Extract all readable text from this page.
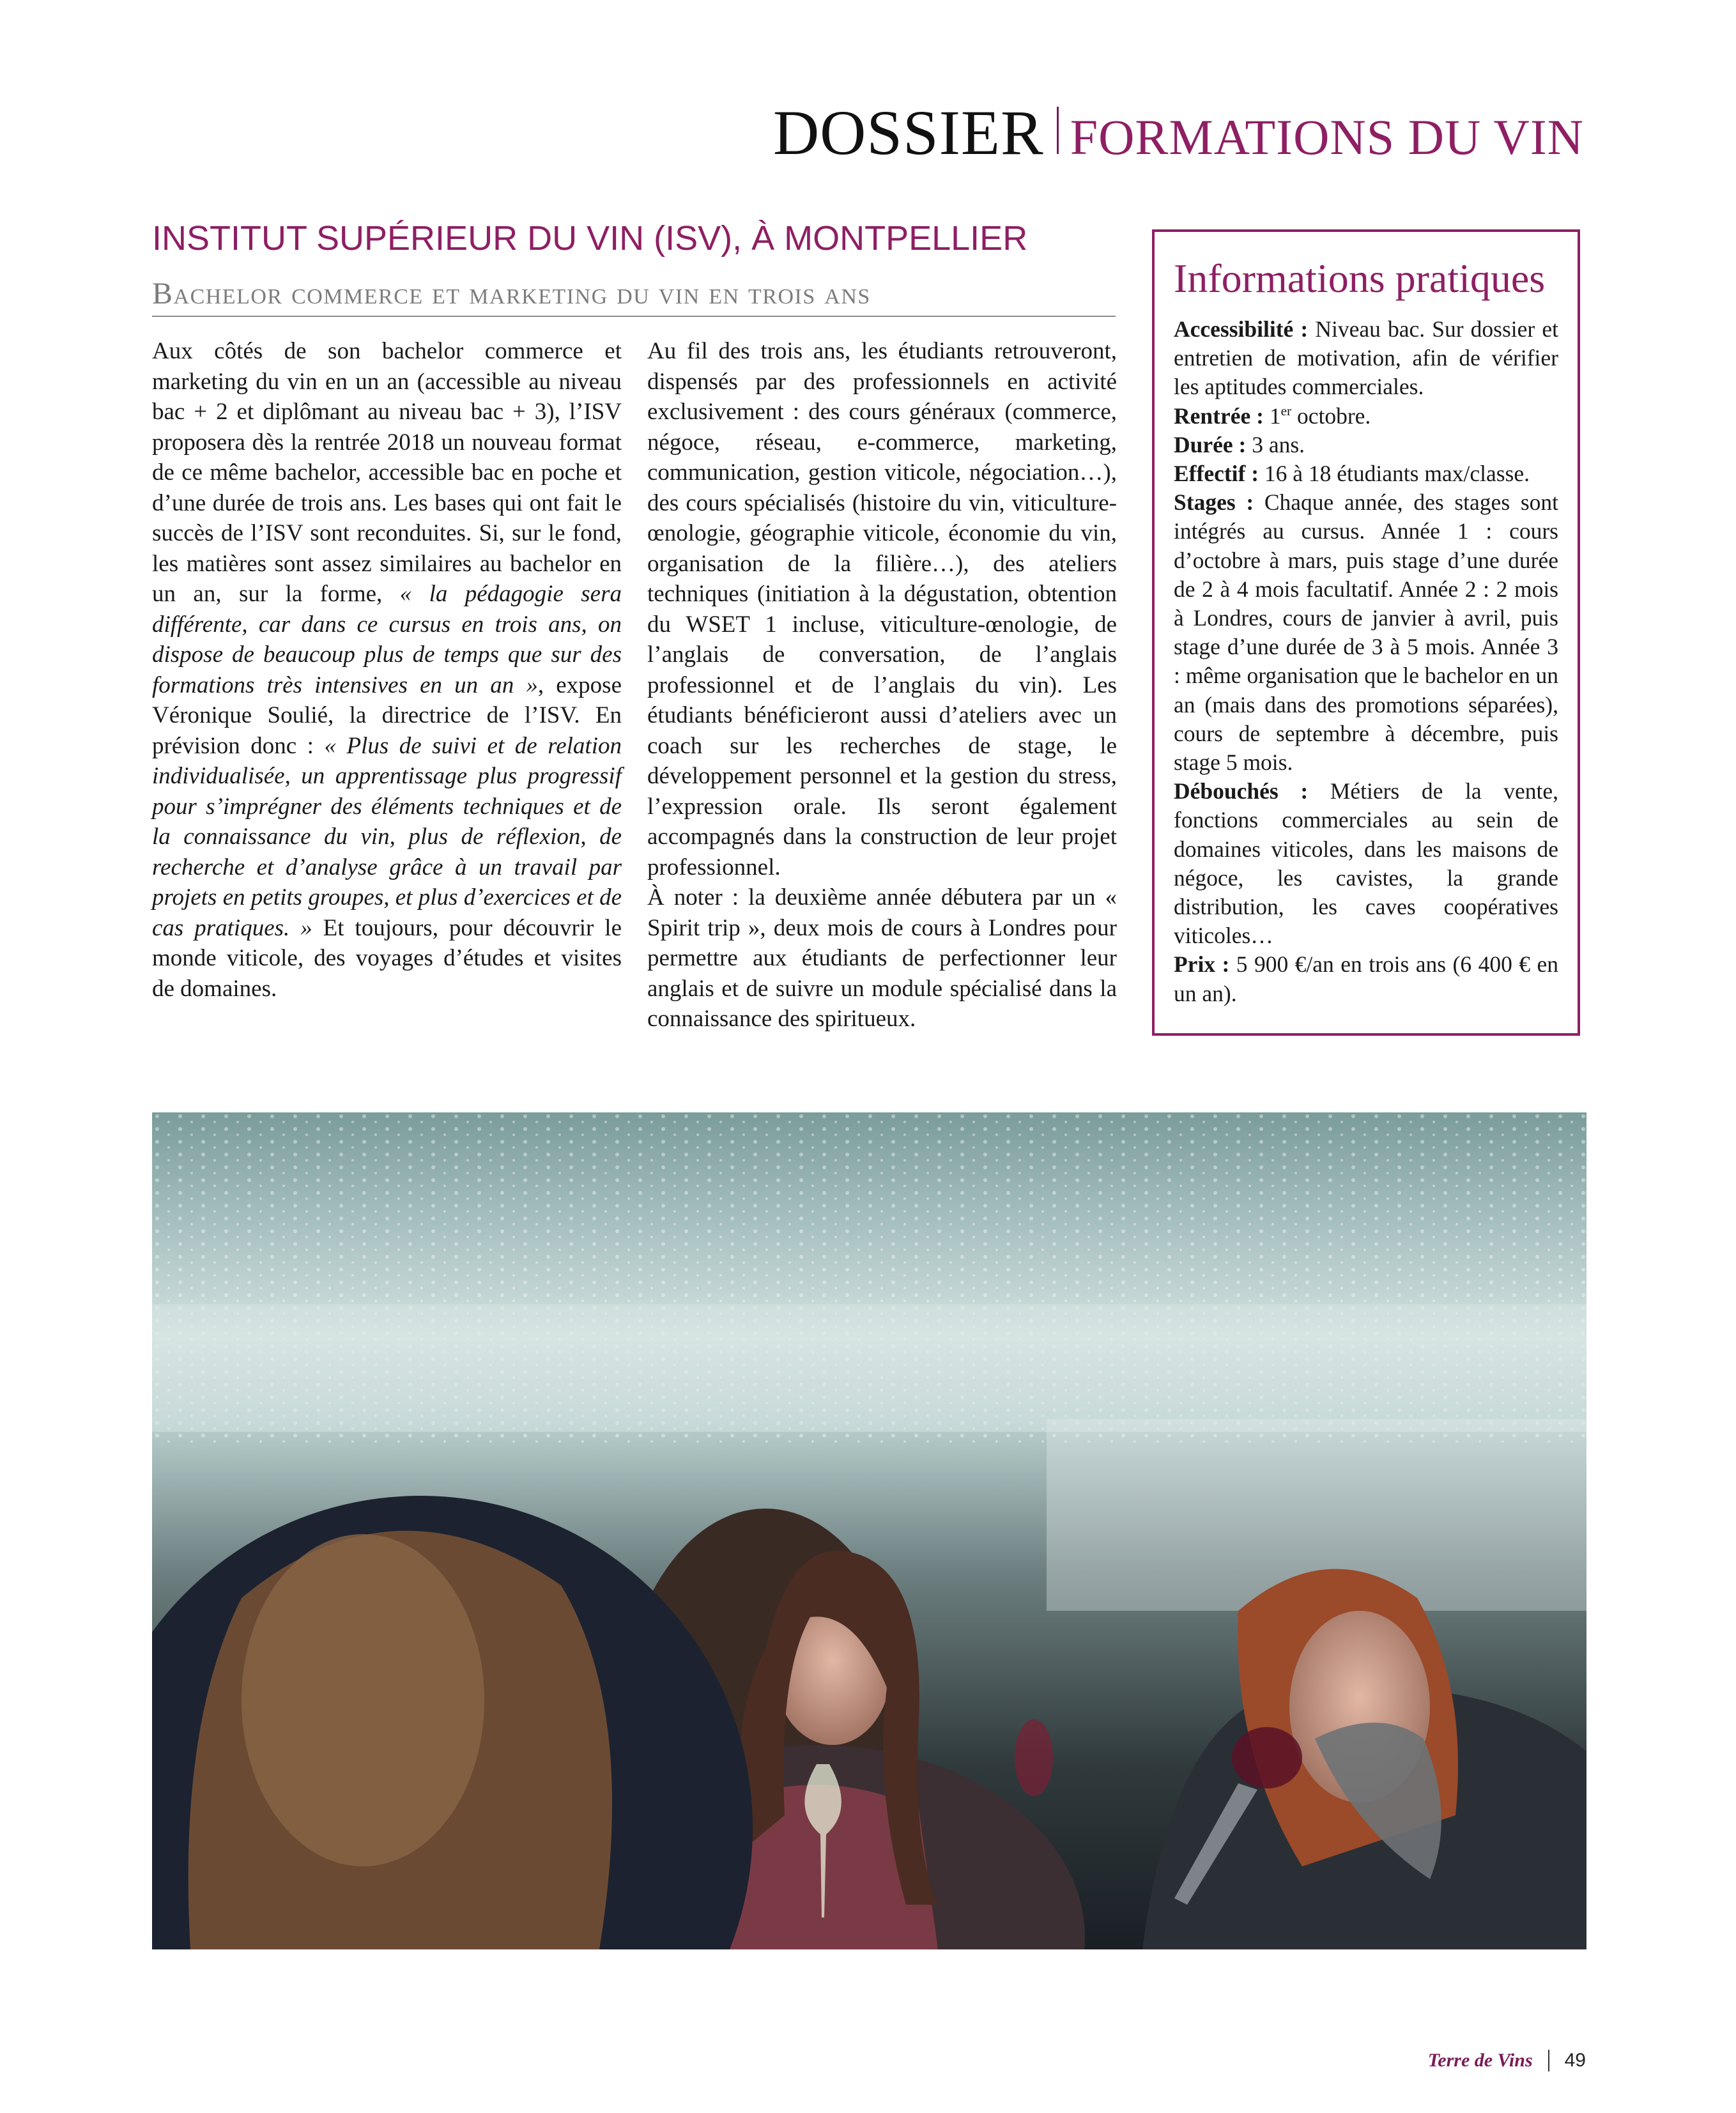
DOSSIER FORMATIONS DU VIN
INSTITUT SUPÉRIEUR DU VIN (ISV), À MONTPELLIER
Bachelor commerce et marketing du vin en trois ans

Aux côtés de son bachelor commerce et marketing du vin en un an (accessible au niveau bac + 2 et diplômant au niveau bac + 3), l’ISV proposera dès la rentrée 2018 un nouveau format de ce même bachelor, accessible bac en poche et d’une durée de trois ans. Les bases qui ont fait le succès de l’ISV sont reconduites. Si, sur le fond, les matières sont assez similaires au bachelor en un an, sur la forme, « la pédagogie sera différente, car dans ce cursus en trois ans, on dispose de beaucoup plus de temps que sur des formations très intensives en un an », expose Véronique Soulié, la directrice de l’ISV. En prévision donc : « Plus de suivi et de relation individualisée, un apprentissage plus progressif pour s’imprégner des éléments techniques et de la connaissance du vin, plus de réflexion, de recherche et d’analyse grâce à un travail par projets en petits groupes, et plus d’exercices et de cas pratiques. » Et toujours, pour découvrir le monde viticole, des voyages d’études et visites de domaines.

Au fil des trois ans, les étudiants retrouveront, dispensés par des professionnels en activité exclusivement : des cours généraux (commerce, négoce, réseau, e-commerce, marketing, communication, gestion viticole, négociation…), des cours spécialisés (histoire du vin, viticulture-œnologie, géographie viticole, économie du vin, organisation de la filière…), des ateliers techniques (initiation à la dégustation, obtention du WSET 1 incluse, viticulture-œnologie, de l’anglais de conversation, de l’anglais professionnel et de l’anglais du vin). Les étudiants bénéficieront aussi d’ateliers avec un coach sur les recherches de stage, le développement personnel et la gestion du stress, l’expression orale. Ils seront également accompagnés dans la construction de leur projet professionnel.

À noter : la deuxième année débutera par un « Spirit trip », deux mois de cours à Londres pour permettre aux étudiants de perfectionner leur anglais et de suivre un module spécialisé dans la connaissance des spiritueux.

Informations pratiques

Accessibilité : Niveau bac. Sur dossier et entretien de motivation, afin de vérifier les aptitudes commerciales.

Rentrée : 1er octobre.

Durée : 3 ans.

Effectif : 16 à 18 étudiants max/classe.

Stages : Chaque année, des stages sont intégrés au cursus. Année 1 : cours d’octobre à mars, puis stage d’une durée de 2 à 4 mois facultatif. Année 2 : 2 mois à Londres, cours de janvier à avril, puis stage d’une durée de 3 à 5 mois. Année 3 : même organisation que le bachelor en un an (mais dans des promotions séparées), cours de septembre à décembre, puis stage 5 mois.

Débouchés : Métiers de la vente, fonctions commerciales au sein de domaines viticoles, dans les maisons de négoce, les cavistes, la grande distribution, les caves coopératives viticoles…

Prix : 5 900 €/an en trois ans (6 400 € en un an).

Terre de Vins 49
